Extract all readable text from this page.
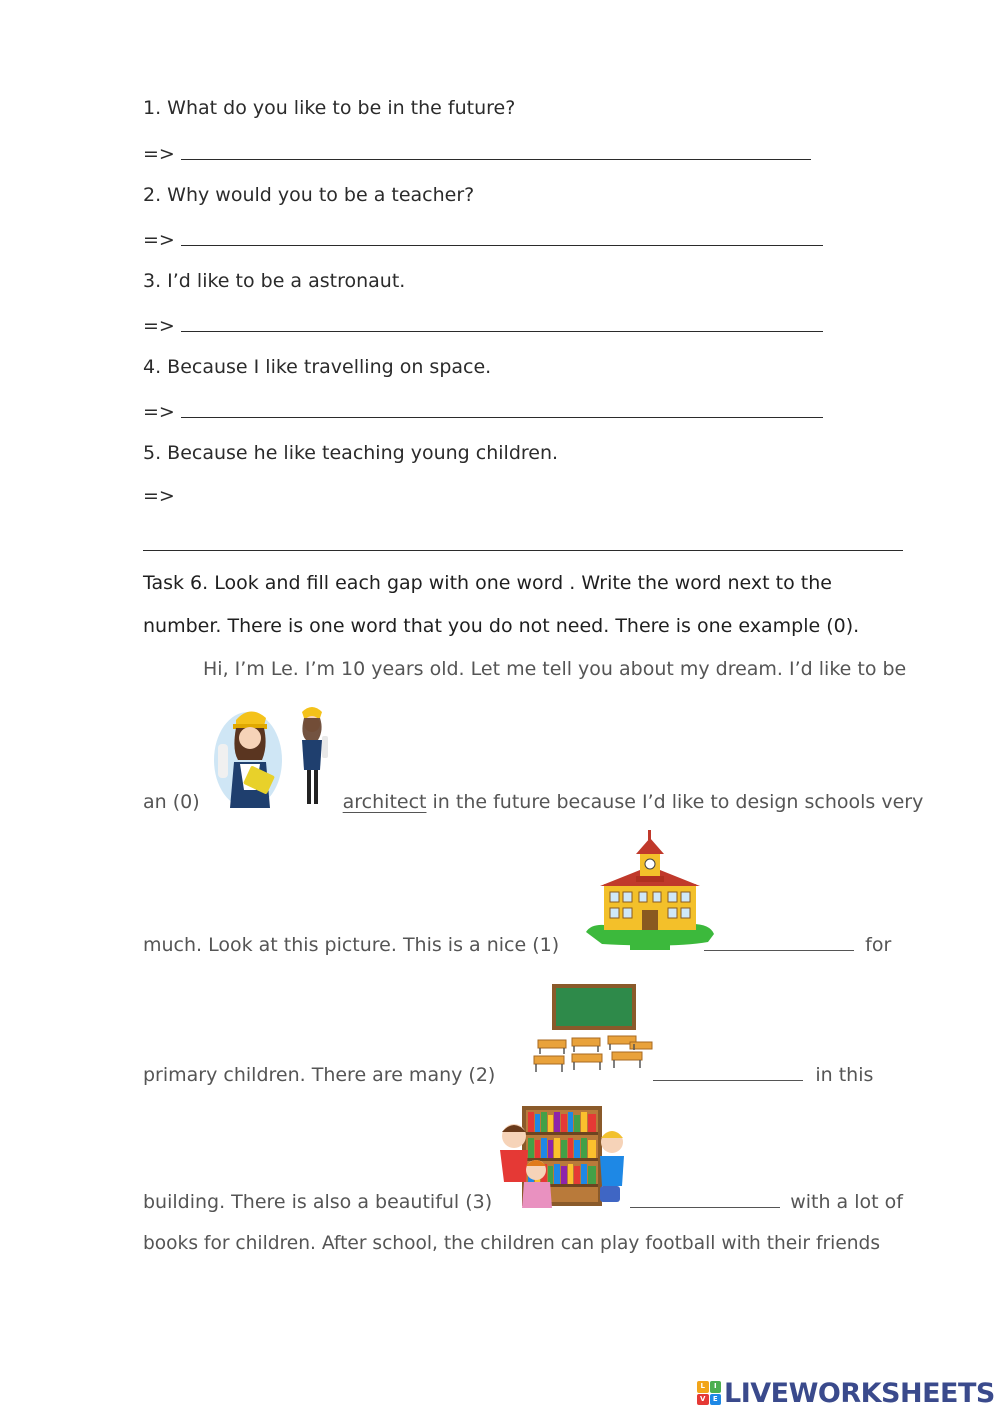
1. What do you like to be in the future?
=>
2. Why would you to be a teacher?
=>
3. I’d like to be a astronaut.
=>
4. Because I like travelling on space.
=>
5. Because he like teaching young children.
=>
Task 6. Look and fill each gap with one word . Write the word next to the
number. There is one word that you do not need. There is one example (0).
Hi, I’m Le. I’m 10 years old. Let me tell you about my dream. I’d like to be
an (0)	architect in the future because I’d like to design schools very
much. Look at this picture. This is a nice (1)	for
primary children. There are many (2)	in this
building. There is also a beautiful (3)	with a lot of
books for children. After school, the children can play football with their friends
L	I
V	E LIVEWORKSHEETS
